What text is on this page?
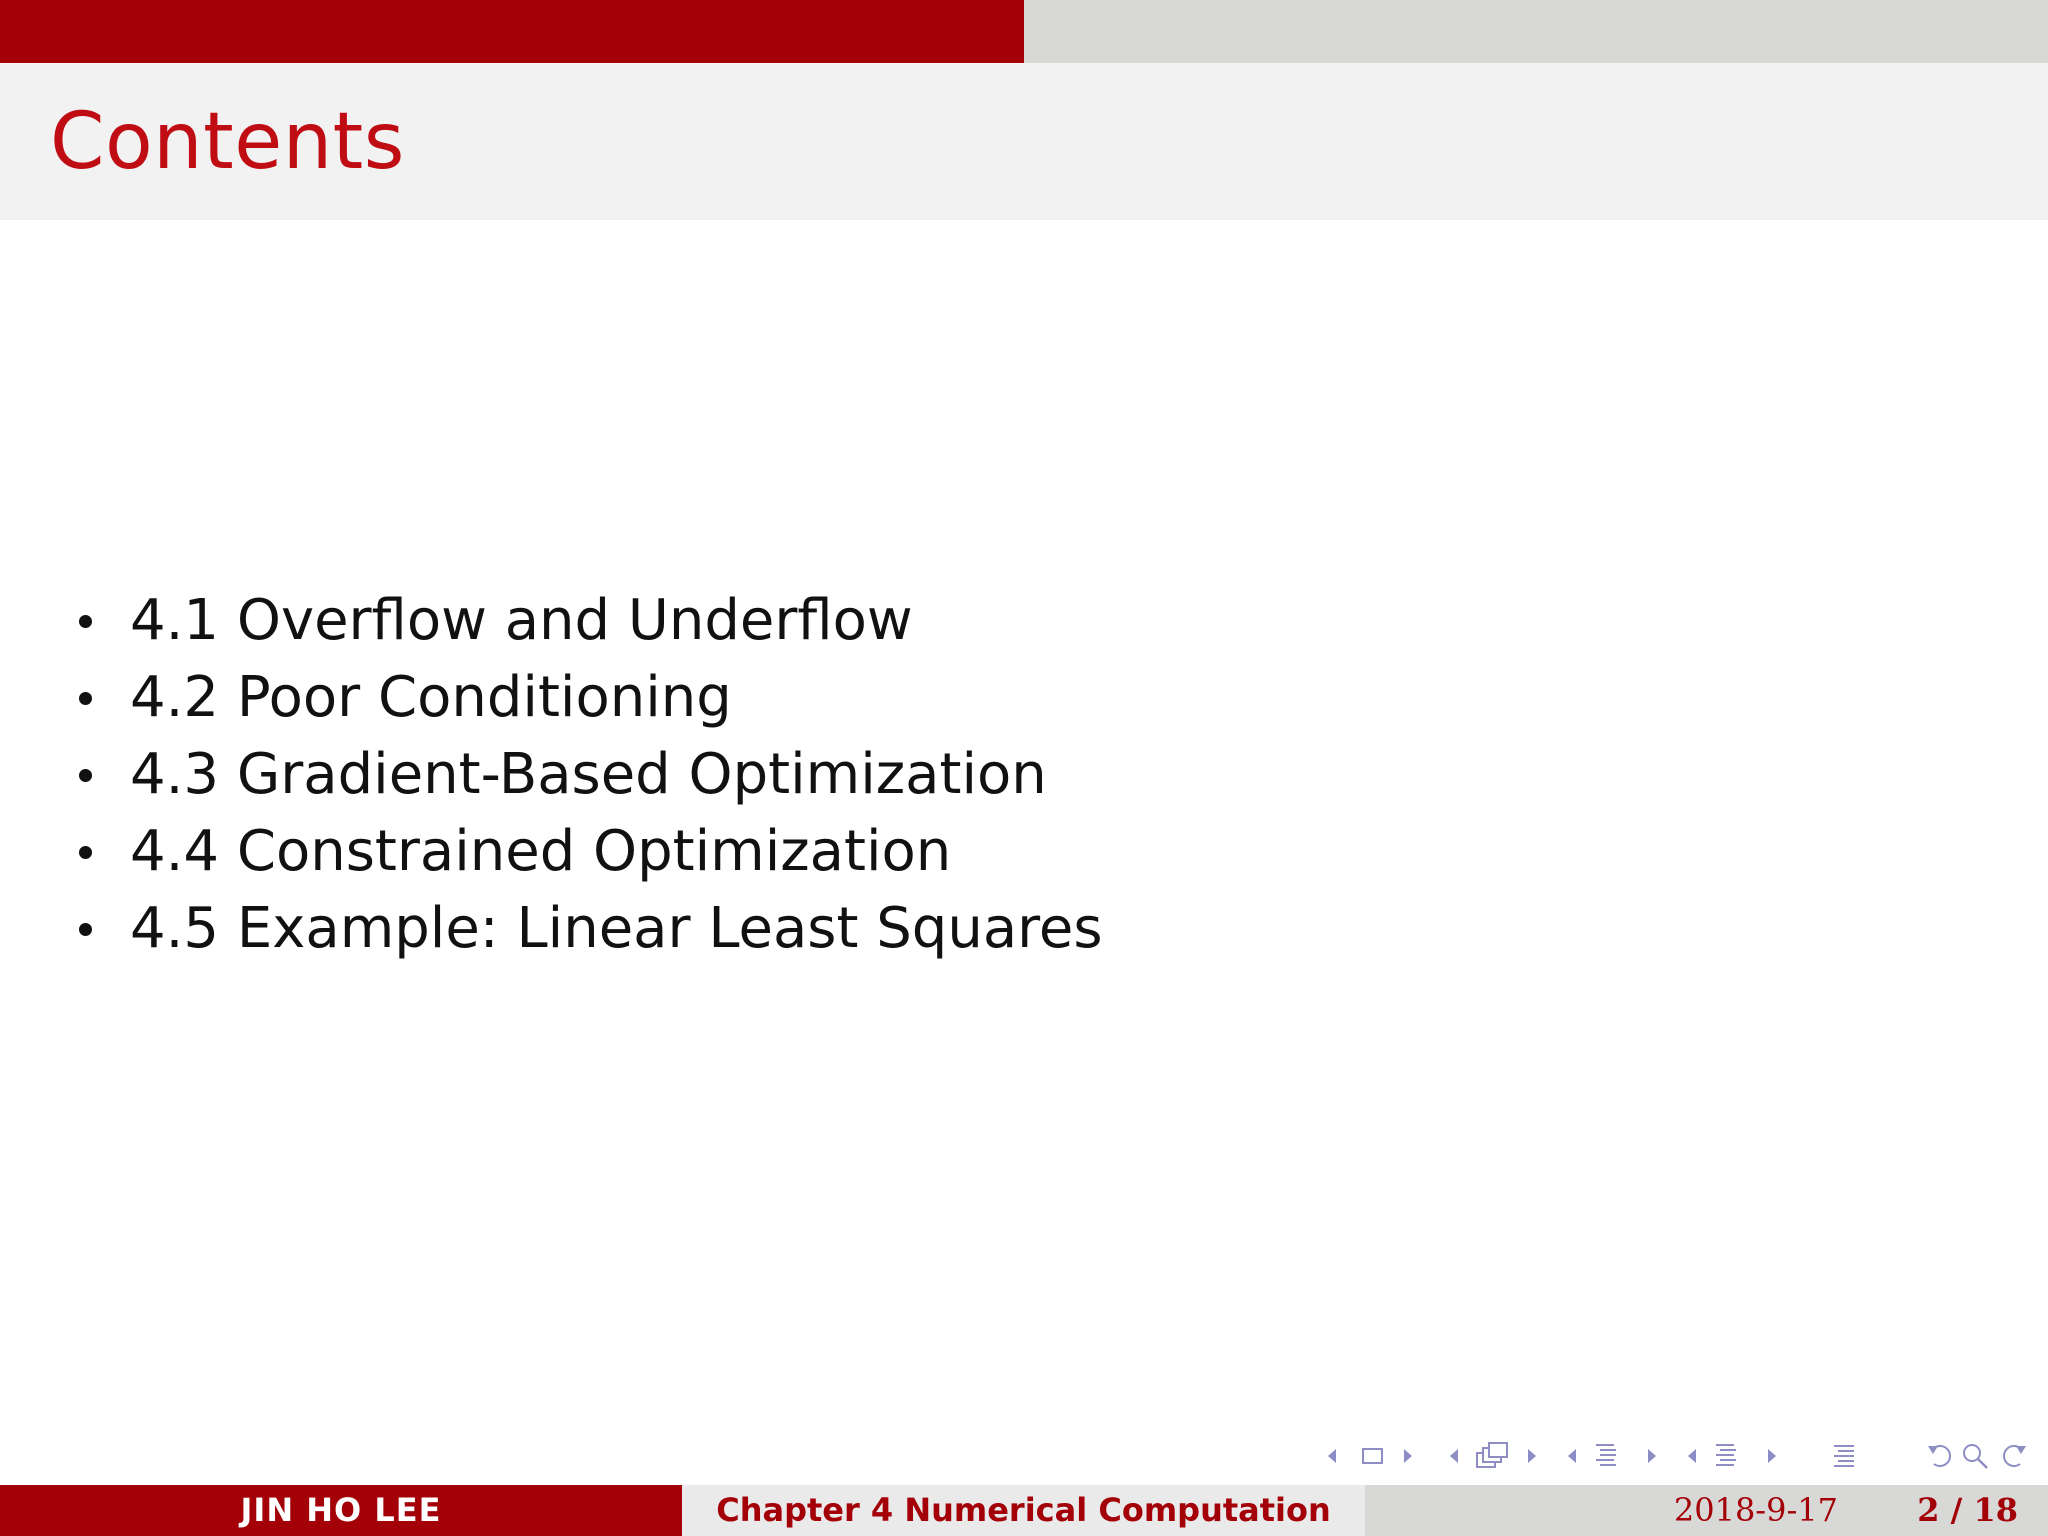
Contents
4.1 Overflow and Underflow
4.2 Poor Conditioning
4.3 Gradient-Based Optimization
4.4 Constrained Optimization
4.5 Example: Linear Least Squares
JIN HO LEE	Chapter 4 Numerical Computation	2018-9-17 2 / 18
